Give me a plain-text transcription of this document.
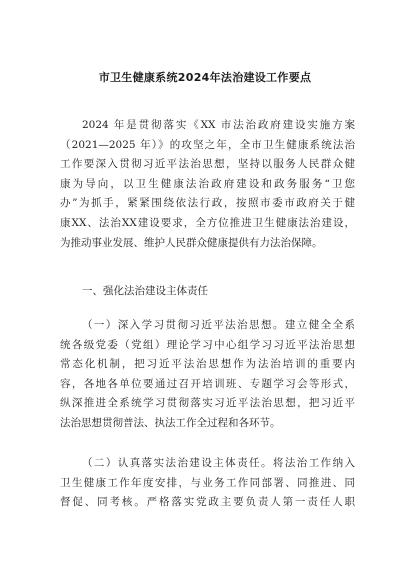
市卫生健康系统2024年法治建设工作要点
2024 年是贯彻落实《XX 市法治政府建设实施方案
（2021—2025 年）》的攻坚之年，全市卫生健康系统法治
工作要深入贯彻习近平法治思想，坚持以服务人民群众健
康为导向，以卫生健康法治政府建设和政务服务“卫您
办”为抓手，紧紧围绕依法行政，按照市委市政府关于健
康XX、法治XX建设要求，全方位推进卫生健康法治建设，
为推动事业发展、维护人民群众健康提供有力法治保障。
一、强化法治建设主体责任
（一）深入学习贯彻习近平法治思想。建立健全全系
统各级党委（党组）理论学习中心组学习习近平法治思想
常态化机制，把习近平法治思想作为法治培训的重要内
容，各地各单位要通过召开培训班、专题学习会等形式，
纵深推进全系统学习贯彻落实习近平法治思想，把习近平
法治思想贯彻普法、执法工作全过程和各环节。
（二）认真落实法治建设主体责任。将法治工作纳入
卫生健康工作年度安排，与业务工作同部署、同推进、同
督促、同考核。严格落实党政主要负责人第一责任人职
